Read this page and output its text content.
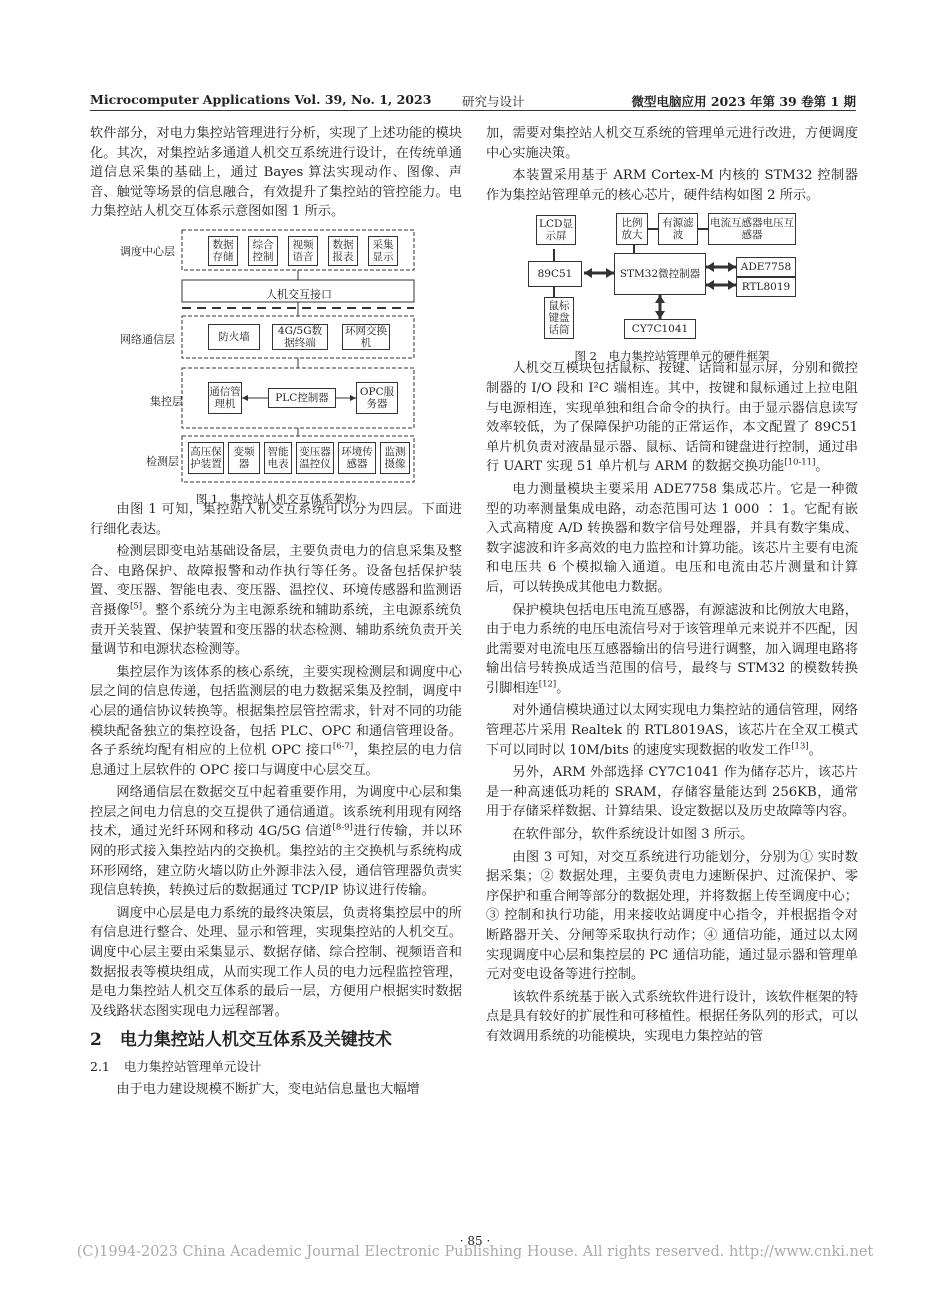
Microcomputer Applications Vol. 39, No. 1, 2023 研究与设计	微型电脑应用 2023 年第 39 卷第 1 期

软件部分，对电力集控站管理进行分析，实现了上述功能的模块化。其次，对集控站多通道人机交互系统进行设计，在传统单通道信息采集的基础上，通过 Bayes 算法实现动作、图像、声音、触觉等场景的信息融合，有效提升了集控站的管控能力。电力集控站人机交互体系示意图如图 1 所示。

调度中心层
网络通信层
集控层
检测层
数据存储
综合控制
视频语音
数据报表
采集显示
人机交互接口
防火墙	4G/5G数据终端
环网交换机
通信管理机	PLC控制器	OPC服务器
高压保护装置
变频器
智能电表
变压器温控仪
环境传感器
监测摄像
图 1　集控站人机交互体系架构

由图 1 可知，集控站人机交互系统可以分为四层。下面进行细化表达。

检测层即变电站基础设备层，主要负责电力的信息采集及整合、电路保护、故障报警和动作执行等任务。设备包括保护装置、变压器、智能电表、变压器、温控仪、环境传感器和监测语音摄像[5]。整个系统分为主电源系统和辅助系统，主电源系统负责开关装置、保护装置和变压器的状态检测、辅助系统负责开关量调节和电源状态检测等。

集控层作为该体系的核心系统，主要实现检测层和调度中心层之间的信息传递，包括监测层的电力数据采集及控制，调度中心层的通信协议转换等。根据集控层管控需求，针对不同的功能模块配备独立的集控设备，包括 PLC、OPC 和通信管理设备。各子系统均配有相应的上位机 OPC 接口[6-7]，集控层的电力信息通过上层软件的 OPC 接口与调度中心层交互。

网络通信层在数据交互中起着重要作用，为调度中心层和集控层之间电力信息的交互提供了通信通道。该系统利用现有网络技术，通过光纤环网和移动 4G/5G 信道[8-9]进行传输，并以环网的形式接入集控站内的交换机。集控站的主交换机与系统构成环形网络，建立防火墙以防止外源非法入侵，通信管理器负责实现信息转换，转换过后的数据通过 TCP/IP 协议进行传输。

调度中心层是电力系统的最终决策层，负责将集控层中的所有信息进行整合、处理、显示和管理，实现集控站的人机交互。调度中心层主要由采集显示、数据存储、综合控制、视频语音和数据报表等模块组成，从而实现工作人员的电力远程监控管理，是电力集控站人机交互体系的最后一层，方便用户根据实时数据及线路状态图实现电力远程部署。

2 电力集控站人机交互体系及关键技术
2.1 电力集控站管理单元设计

由于电力建设规模不断扩大，变电站信息量也大幅增

加，需要对集控站人机交互系统的管理单元进行改进，方便调度中心实施决策。

本装置采用基于 ARM Cortex-M 内核的 STM32 控制器作为集控站管理单元的核心芯片，硬件结构如图 2 所示。

LCD显示屏
89C51
鼠标键盘话筒
比例放大
有源滤波
电流互感器电压互感器
STM32微控制器
ADE7758
RTL8019
CY7C1041
图 2　电力集控站管理单元的硬件框架

人机交互模块包括鼠标、按键、话筒和显示屏，分别和微控制器的 I/O 段和 I²C 端相连。其中，按键和鼠标通过上拉电阻与电源相连，实现单独和组合命令的执行。由于显示器信息读写效率较低，为了保障保护功能的正常运作，本文配置了 89C51 单片机负责对液晶显示器、鼠标、话筒和键盘进行控制，通过串行 UART 实现 51 单片机与 ARM 的数据交换功能[10-11]。

电力测量模块主要采用 ADE7758 集成芯片。它是一种微型的功率测量集成电路，动态范围可达 1 000 ∶ 1。它配有嵌入式高精度 A/D 转换器和数字信号处理器，并具有数字集成、数字滤波和许多高效的电力监控和计算功能。该芯片主要有电流和电压共 6 个模拟输入通道。电压和电流由芯片测量和计算后，可以转换成其他电力数据。

保护模块包括电压电流互感器，有源滤波和比例放大电路，由于电力系统的电压电流信号对于该管理单元来说并不匹配，因此需要对电流电压互感器输出的信号进行调整，加入调理电路将输出信号转换成适当范围的信号，最终与 STM32 的模数转换引脚相连[12]。

对外通信模块通过以太网实现电力集控站的通信管理，网络管理芯片采用 Realtek 的 RTL8019AS，该芯片在全双工模式下可以同时以 10M/bits 的速度实现数据的收发工作[13]。

另外，ARM 外部选择 CY7C1041 作为储存芯片，该芯片是一种高速低功耗的 SRAM，存储容量能达到 256KB，通常用于存储采样数据、计算结果、设定数据以及历史故障等内容。

在软件部分，软件系统设计如图 3 所示。

由图 3 可知，对交互系统进行功能划分，分别为① 实时数据采集；② 数据处理，主要负责电力速断保护、过流保护、零序保护和重合闸等部分的数据处理，并将数据上传至调度中心；③ 控制和执行功能，用来接收站调度中心指令，并根据指令对断路器开关、分闸等采取执行动作；④ 通信功能，通过以太网实现调度中心层和集控层的 PC 通信功能，通过显示器和管理单元对变电设备等进行控制。

该软件系统基于嵌入式系统软件进行设计，该软件框架的特点是具有较好的扩展性和可移植性。根据任务队列的形式，可以有效调用系统的功能模块，实现电力集控站的管

· 85 ·
(C)1994-2023 China Academic Journal Electronic Publishing House. All rights reserved. http://www.cnki.net
